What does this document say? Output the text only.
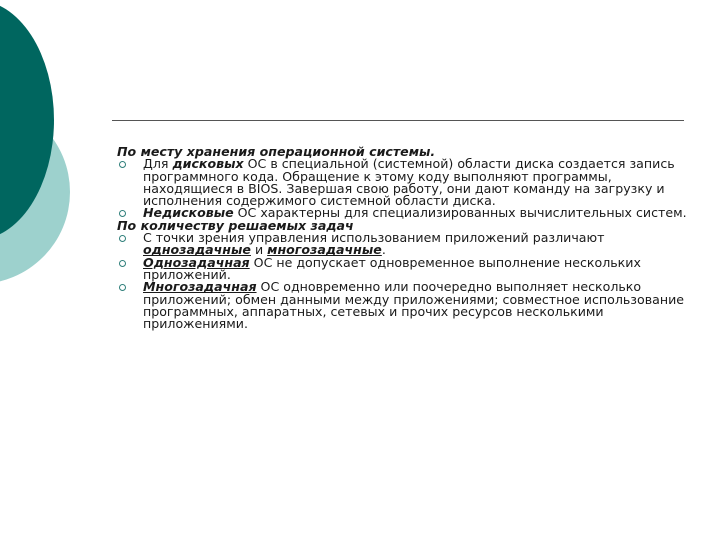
По месту хранения операционной системы.

Для дисковых ОС в специальной (системной) области диска создается запись программного кода. Обращение к этому коду выполняют программы, находящиеся в BIOS. Завершая свою работу, они дают команду на загрузку и исполнения содержимого системной области диска.
Недисковые ОС характерны для специализированных вычислительных систем.

По количеству решаемых задач

С точки зрения управления использованием приложений различают однозадачные и многозадачные.
Однозадачная ОС не допускает одновременное выполнение нескольких приложений.
Многозадачная ОС одновременно или поочередно выполняет несколько приложений; обмен данными между приложениями; совместное использование программных, аппаратных, сетевых и прочих ресурсов несколькими приложениями.
